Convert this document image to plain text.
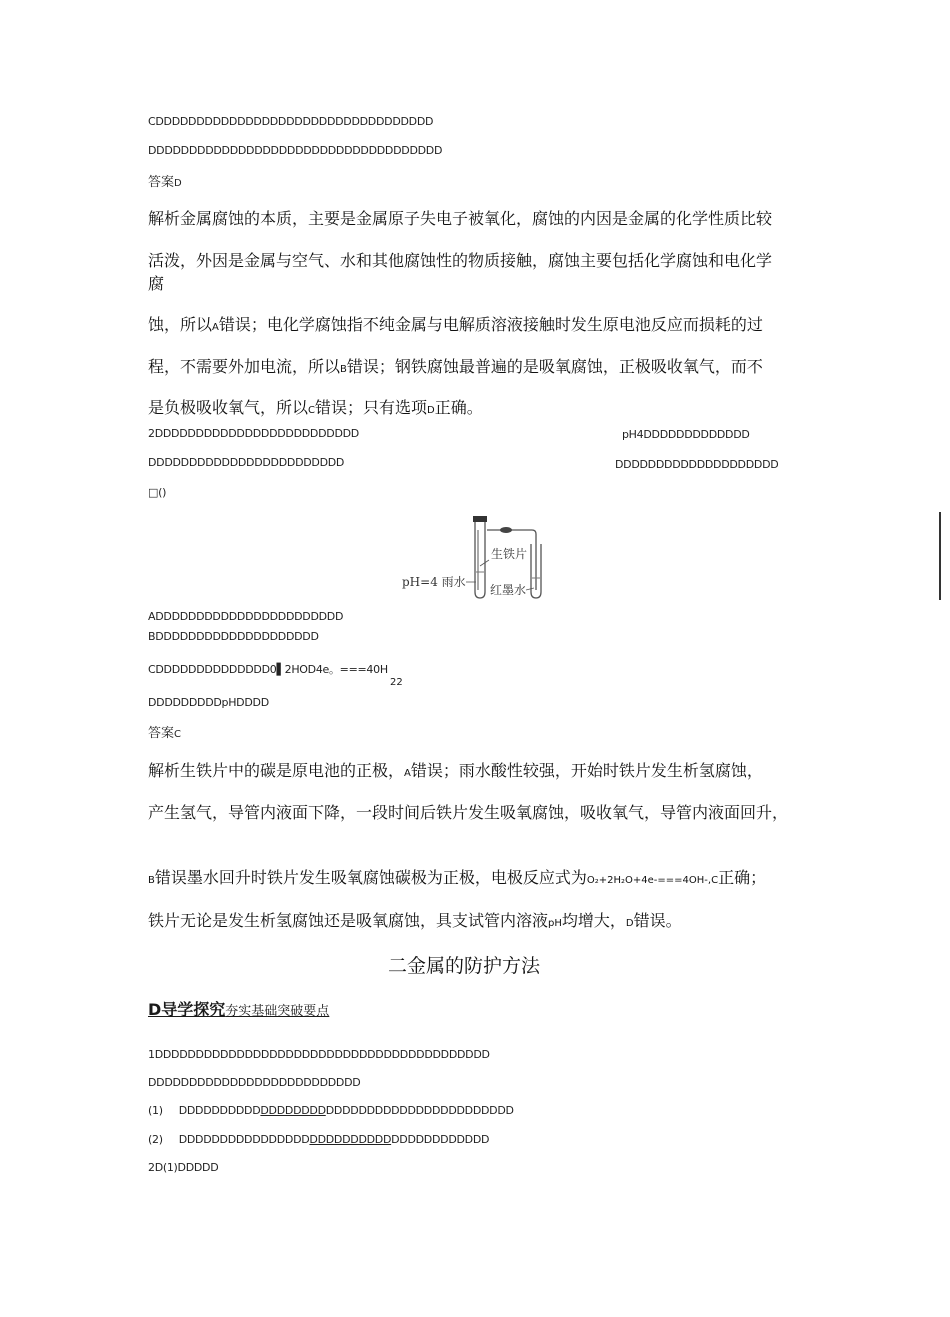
CDDDDDDDDDDDDDDDDDDDDDDDDDDDDDDDDDD
DDDDDDDDDDDDDDDDDDDDDDDDDDDDDDDDDDDD
答案D
解析金属腐蚀的本质，主要是金属原子失电子被氧化，腐蚀的内因是金属的化学性质比较
活泼，外因是金属与空气、水和其他腐蚀性的物质接触，腐蚀主要包括化学腐蚀和电化学
腐
蚀，所以A错误；电化学腐蚀指不纯金属与电解质溶液接触时发生原电池反应而损耗的过
程，不需要外加电流，所以B错误；钢铁腐蚀最普遍的是吸氧腐蚀，正极吸收氧气，而不
是负极吸收氧气，所以C错误；只有选项D正确。
2DDDDDDDDDDDDDDDDDDDDDDDDD	pH4DDDDDDDDDDDDD
DDDDDDDDDDDDDDDDDDDDDDDD	DDDDDDDDDDDDDDDDDDDD
□()
生铁片
pH=4 雨水
红墨水
ADDDDDDDDDDDDDDDDDDDDDDD
BDDDDDDDDDDDDDDDDDDDD
CDDDDDDDDDDDDDD0▌2HOD4e。===40H
22
DDDDDDDDDpHDDDD
答案C
解析生铁片中的碳是原电池的正极，A错误；雨水酸性较强，开始时铁片发生析氢腐蚀，
产生氢气，导管内液面下降，一段时间后铁片发生吸氧腐蚀，吸收氧气，导管内液面回升，
B错误墨水回升时铁片发生吸氧腐蚀碳极为正极，电极反应式为O₂+2H₂O+4e-===4OH-,C正确；
铁片无论是发生析氢腐蚀还是吸氧腐蚀，具支试管内溶液pH均增大，D错误。
二金属的防护方法
D导学探究夯实基础突破要点
1DDDDDDDDDDDDDDDDDDDDDDDDDDDDDDDDDDDDDDDDD
DDDDDDDDDDDDDDDDDDDDDDDDDD
(1) DDDDDDDDDDDDDDDDDDDDDDDDDDDDDDDDDDDDDDDDD
(2) DDDDDDDDDDDDDDDDDDDDDDDDDDDDDDDDDDDDDD
2D(1)DDDDD
